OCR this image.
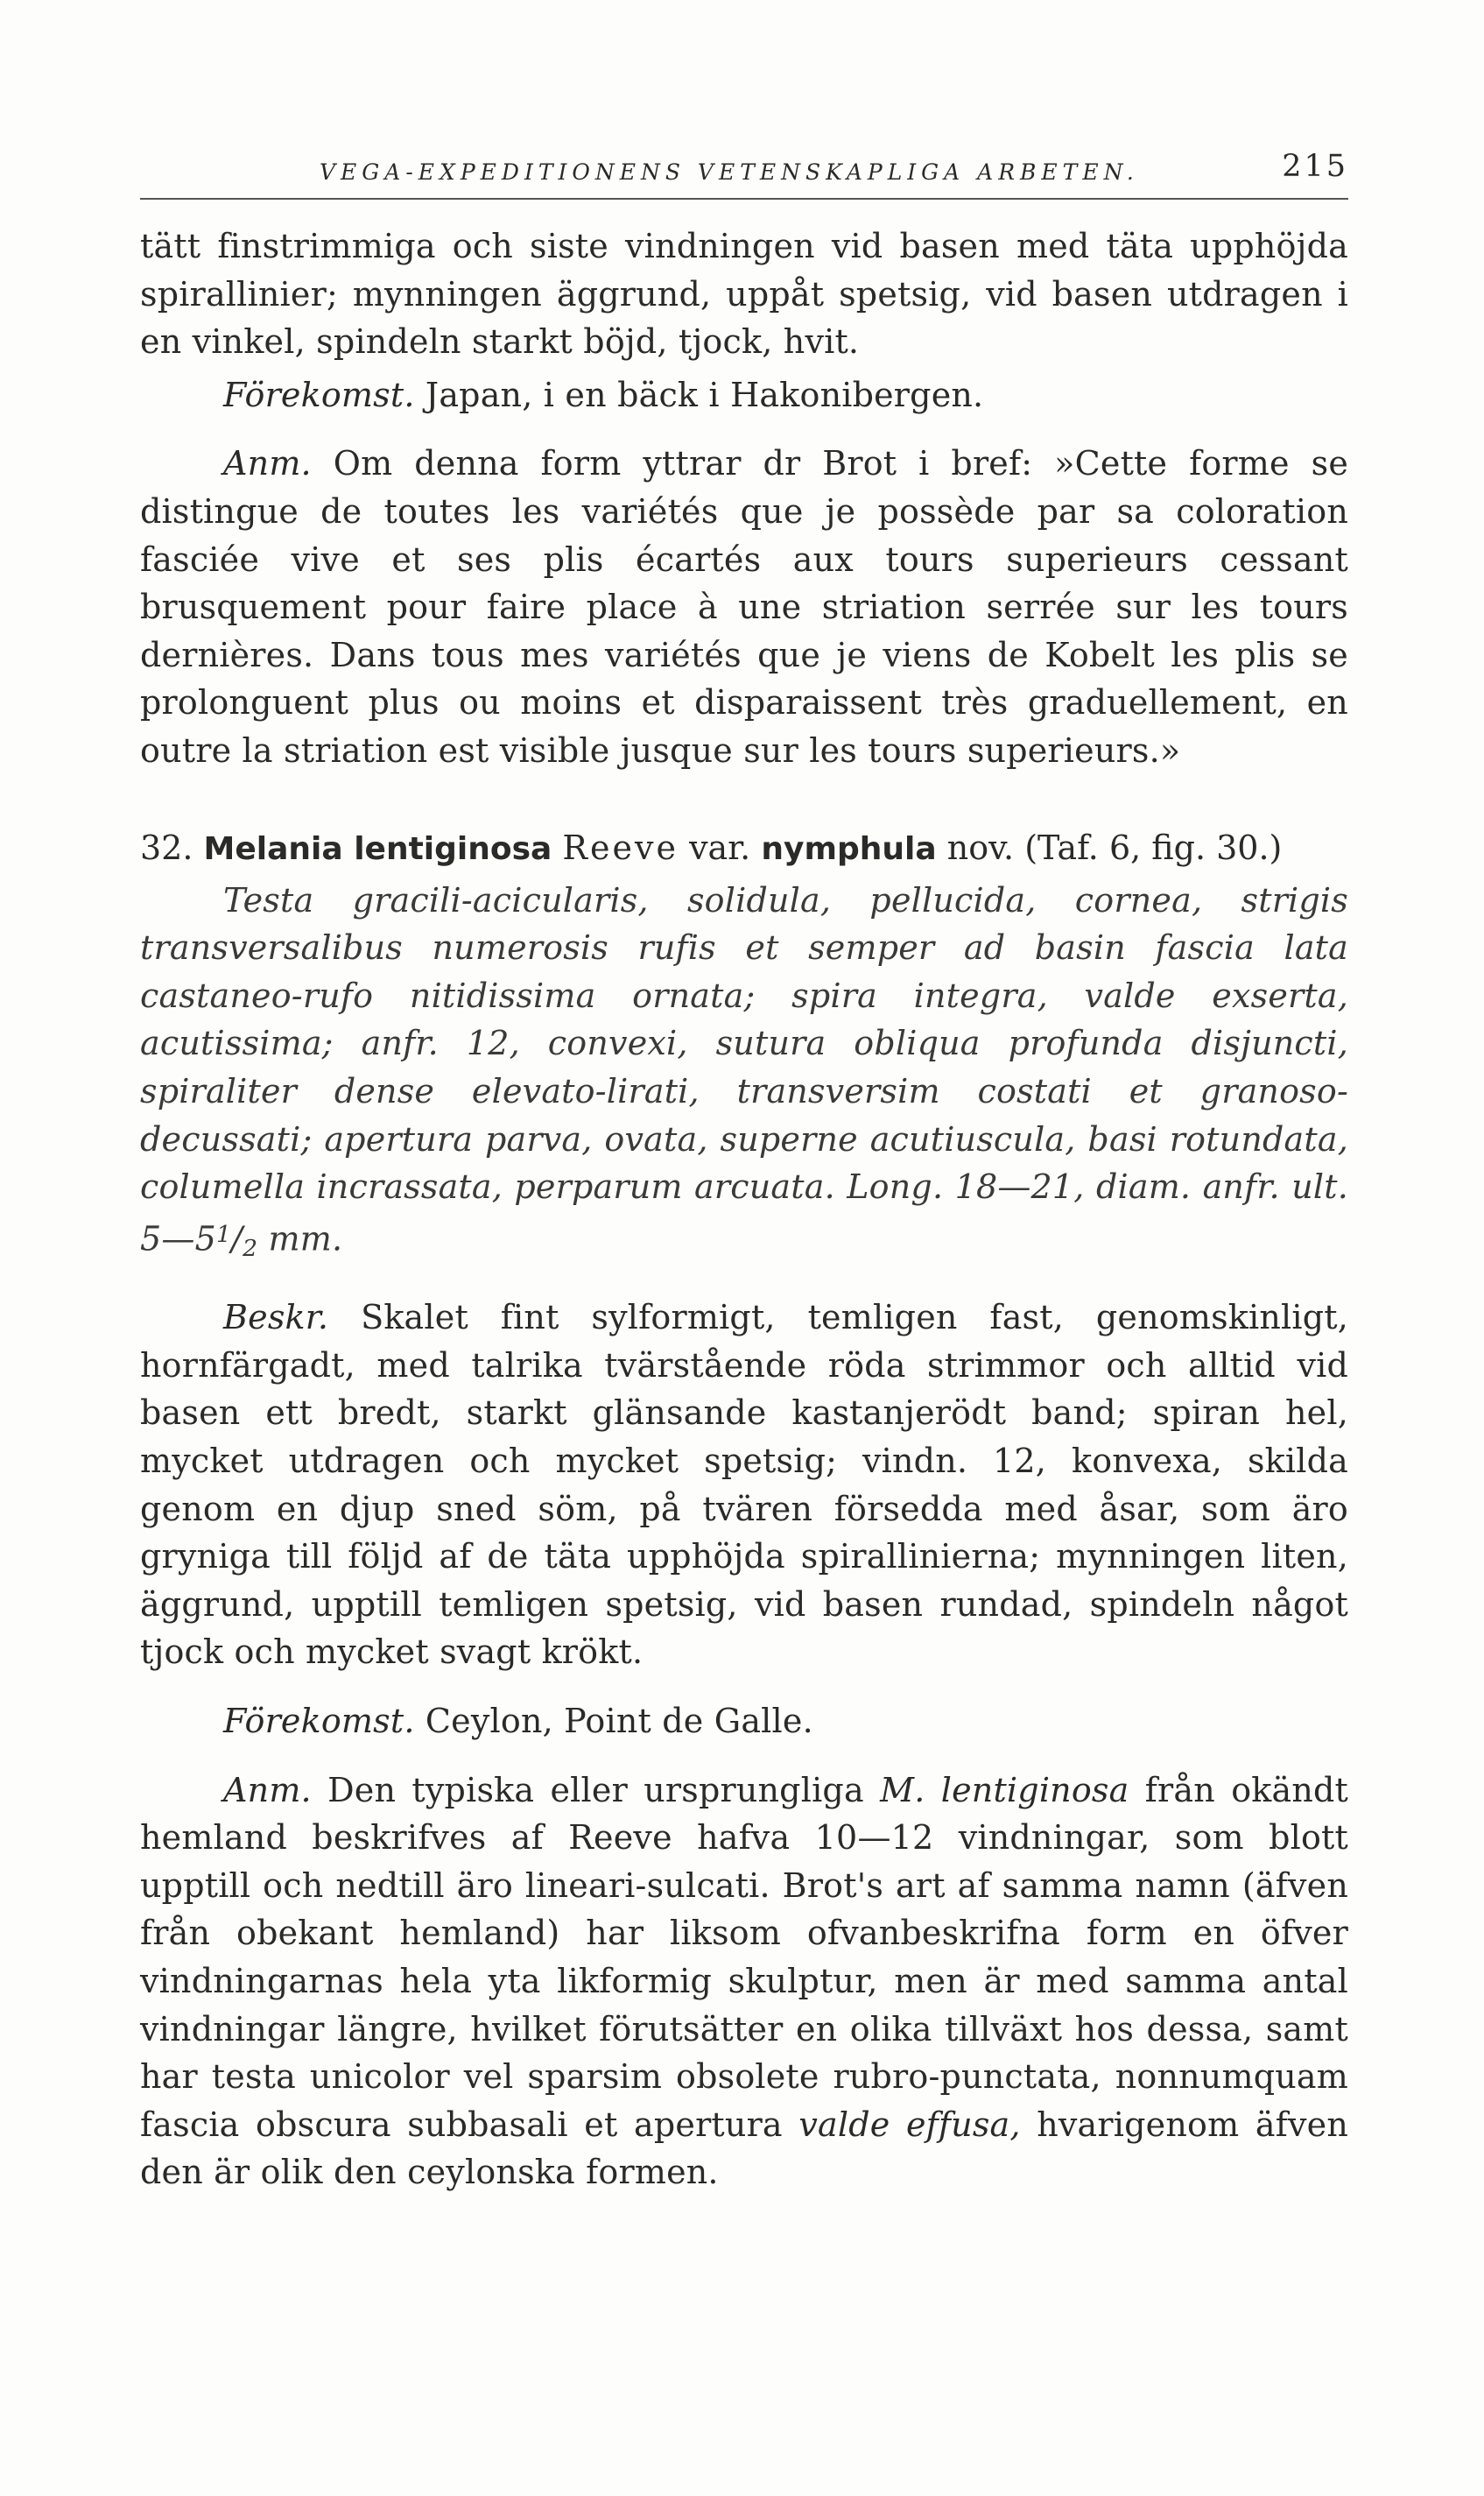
VEGA-EXPEDITIONENS VETENSKAPLIGA ARBETEN.	215

tätt finstrimmiga och siste vindningen vid basen med täta upphöjda spirallinier; mynningen äggrund, uppåt spetsig, vid basen utdragen i en vinkel, spindeln starkt böjd, tjock, hvit.

Förekomst. Japan, i en bäck i Hakonibergen.

Anm. Om denna form yttrar dr Brot i bref: »Cette forme se distingue de toutes les variétés que je possède par sa coloration fasciée vive et ses plis écartés aux tours superieurs cessant brusquement pour faire place à une striation serrée sur les tours dernières. Dans tous mes variétés que je viens de Kobelt les plis se prolonguent plus ou moins et disparaissent très graduellement, en outre la striation est visible jusque sur les tours superieurs.»

32. Melania lentiginosa Reeve var. nymphula nov. (Taf. 6, fig. 30.)

Testa gracili-acicularis, solidula, pellucida, cornea, strigis transversalibus numerosis rufis et semper ad basin fascia lata castaneo-rufo nitidissima ornata; spira integra, valde exserta, acutissima; anfr. 12, convexi, sutura obliqua profunda disjuncti, spiraliter dense elevato-lirati, transversim costati et granoso-decussati; apertura parva, ovata, superne acutiuscula, basi rotundata, columella incrassata, perparum arcuata. Long. 18—21, diam. anfr. ult. $5—5^1/_2$ mm.

Beskr. Skalet fint sylformigt, temligen fast, genomskinligt, hornfärgadt, med talrika tvärstående röda strimmor och alltid vid basen ett bredt, starkt glänsande kastanjerödt band; spiran hel, mycket utdragen och mycket spetsig; vindn. 12, konvexa, skilda genom en djup sned söm, på tvären försedda med åsar, som äro gryniga till följd af de täta upphöjda spirallinierna; mynningen liten, äggrund, upptill temligen spetsig, vid basen rundad, spindeln något tjock och mycket svagt krökt.

Förekomst. Ceylon, Point de Galle.

Anm. Den typiska eller ursprungliga M. lentiginosa från okändt hemland beskrifves af Reeve hafva 10—12 vindningar, som blott upptill och nedtill äro lineari-sulcati. Brot's art af samma namn (äfven från obekant hemland) har liksom ofvanbeskrifna form en öfver vindningarnas hela yta likformig skulptur, men är med samma antal vindningar längre, hvilket förutsätter en olika tillväxt hos dessa, samt har testa unicolor vel sparsim obsolete rubro-punctata, nonnumquam fascia obscura subbasali et apertura valde effusa, hvarigenom äfven den är olik den ceylonska formen.
